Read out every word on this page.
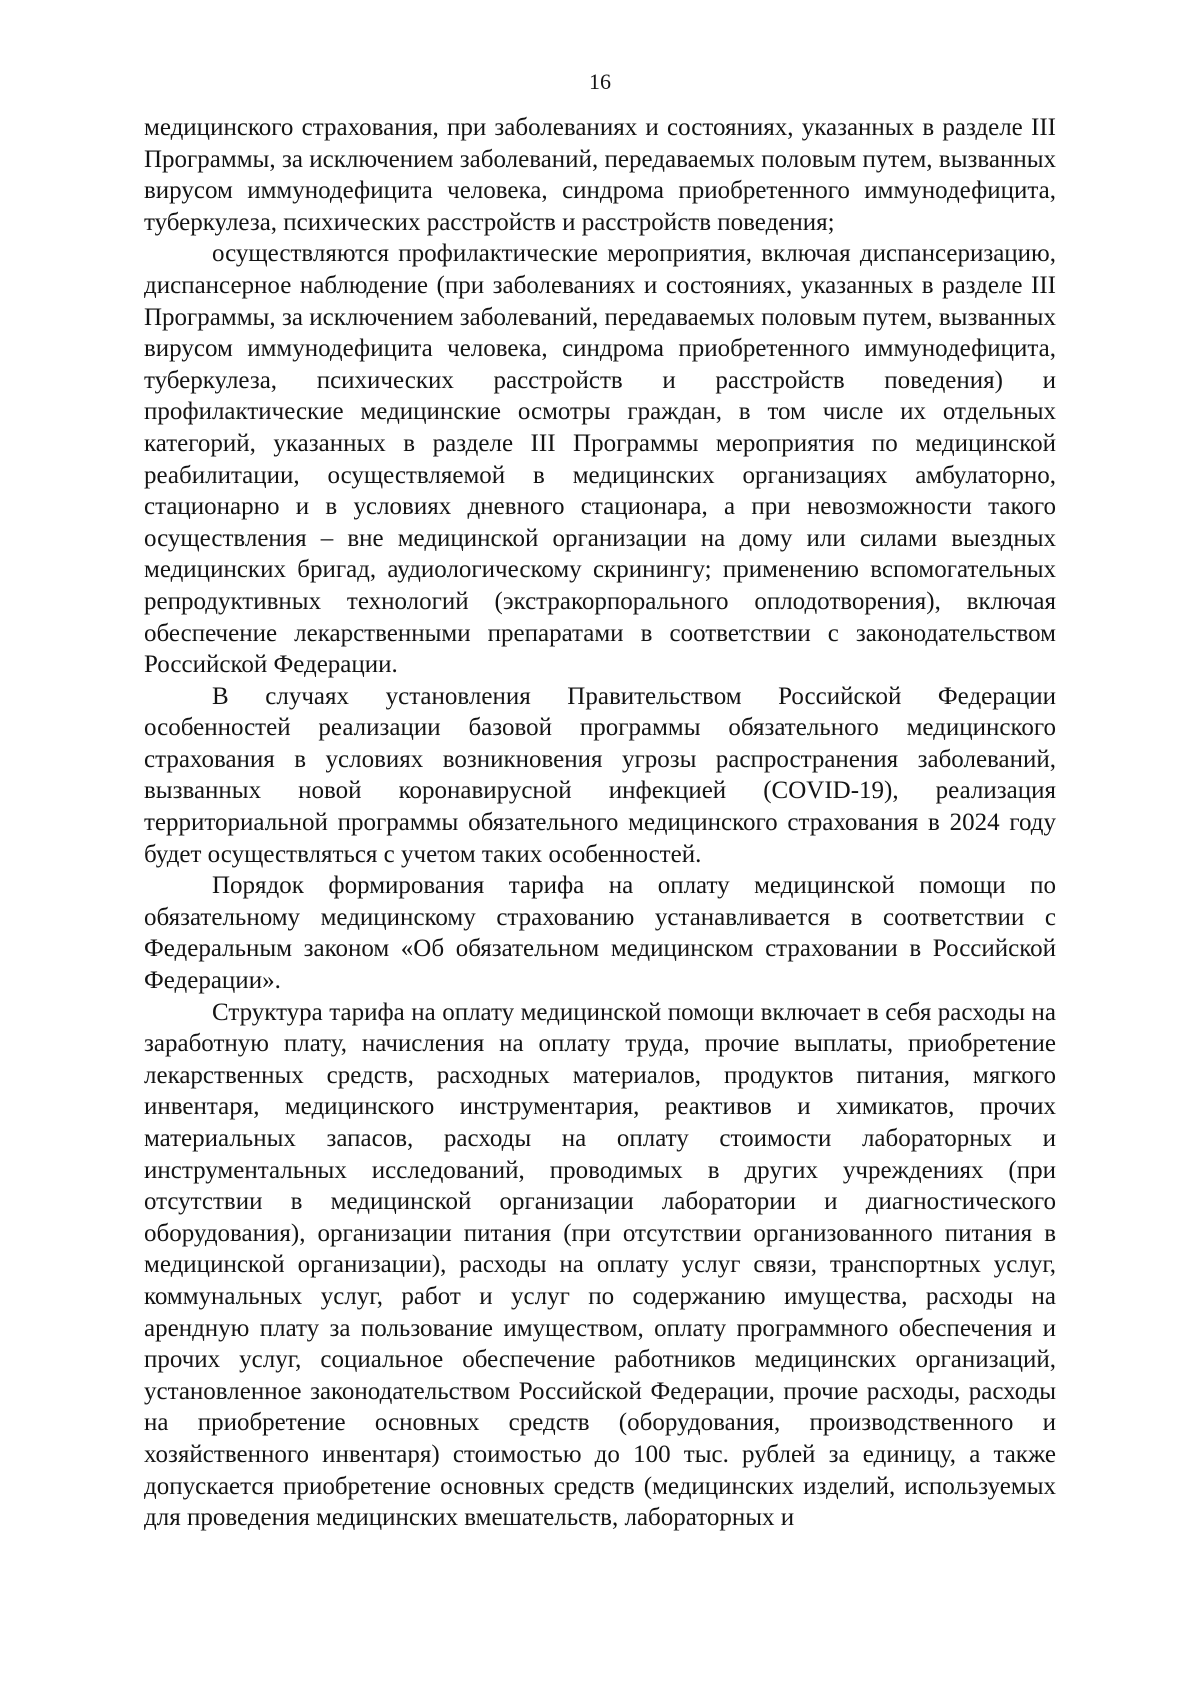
16

медицинского страхования, при заболеваниях и состояниях, указанных в разделе III Программы, за исключением заболеваний, передаваемых половым путем, вызванных вирусом иммунодефицита человека, синдрома приобретенного иммунодефицита, туберкулеза, психических расстройств и расстройств поведения;

осуществляются профилактические мероприятия, включая диспансеризацию, диспансерное наблюдение (при заболеваниях и состояниях, указанных в разделе III Программы, за исключением заболеваний, передаваемых половым путем, вызванных вирусом иммунодефицита человека, синдрома приобретенного иммунодефицита, туберкулеза, психических расстройств и расстройств поведения) и профилактические медицинские осмотры граждан, в том числе их отдельных категорий, указанных в разделе III Программы мероприятия по медицинской реабилитации, осуществляемой в медицинских организациях амбулаторно, стационарно и в условиях дневного стационара, а при невозможности такого осуществления – вне медицинской организации на дому или силами выездных медицинских бригад, аудиологическому скринингу; применению вспомогательных репродуктивных технологий (экстракорпорального оплодотворения), включая обеспечение лекарственными препаратами в соответствии с законодательством Российской Федерации.

В случаях установления Правительством Российской Федерации особенностей реализации базовой программы обязательного медицинского страхования в условиях возникновения угрозы распространения заболеваний, вызванных новой коронавирусной инфекцией (COVID-19), реализация территориальной программы обязательного медицинского страхования в 2024 году будет осуществляться с учетом таких особенностей.

Порядок формирования тарифа на оплату медицинской помощи по обязательному медицинскому страхованию устанавливается в соответствии с Федеральным законом «Об обязательном медицинском страховании в Российской Федерации».

Структура тарифа на оплату медицинской помощи включает в себя расходы на заработную плату, начисления на оплату труда, прочие выплаты, приобретение лекарственных средств, расходных материалов, продуктов питания, мягкого инвентаря, медицинского инструментария, реактивов и химикатов, прочих материальных запасов, расходы на оплату стоимости лабораторных и инструментальных исследований, проводимых в других учреждениях (при отсутствии в медицинской организации лаборатории и диагностического оборудования), организации питания (при отсутствии организованного питания в медицинской организации), расходы на оплату услуг связи, транспортных услуг, коммунальных услуг, работ и услуг по содержанию имущества, расходы на арендную плату за пользование имуществом, оплату программного обеспечения и прочих услуг, социальное обеспечение работников медицинских организаций, установленное законодательством Российской Федерации, прочие расходы, расходы на приобретение основных средств (оборудования, производственного и хозяйственного инвентаря) стоимостью до 100 тыс. рублей за единицу, а также допускается приобретение основных средств (медицинских изделий, используемых для проведения медицинских вмешательств, лабораторных и
